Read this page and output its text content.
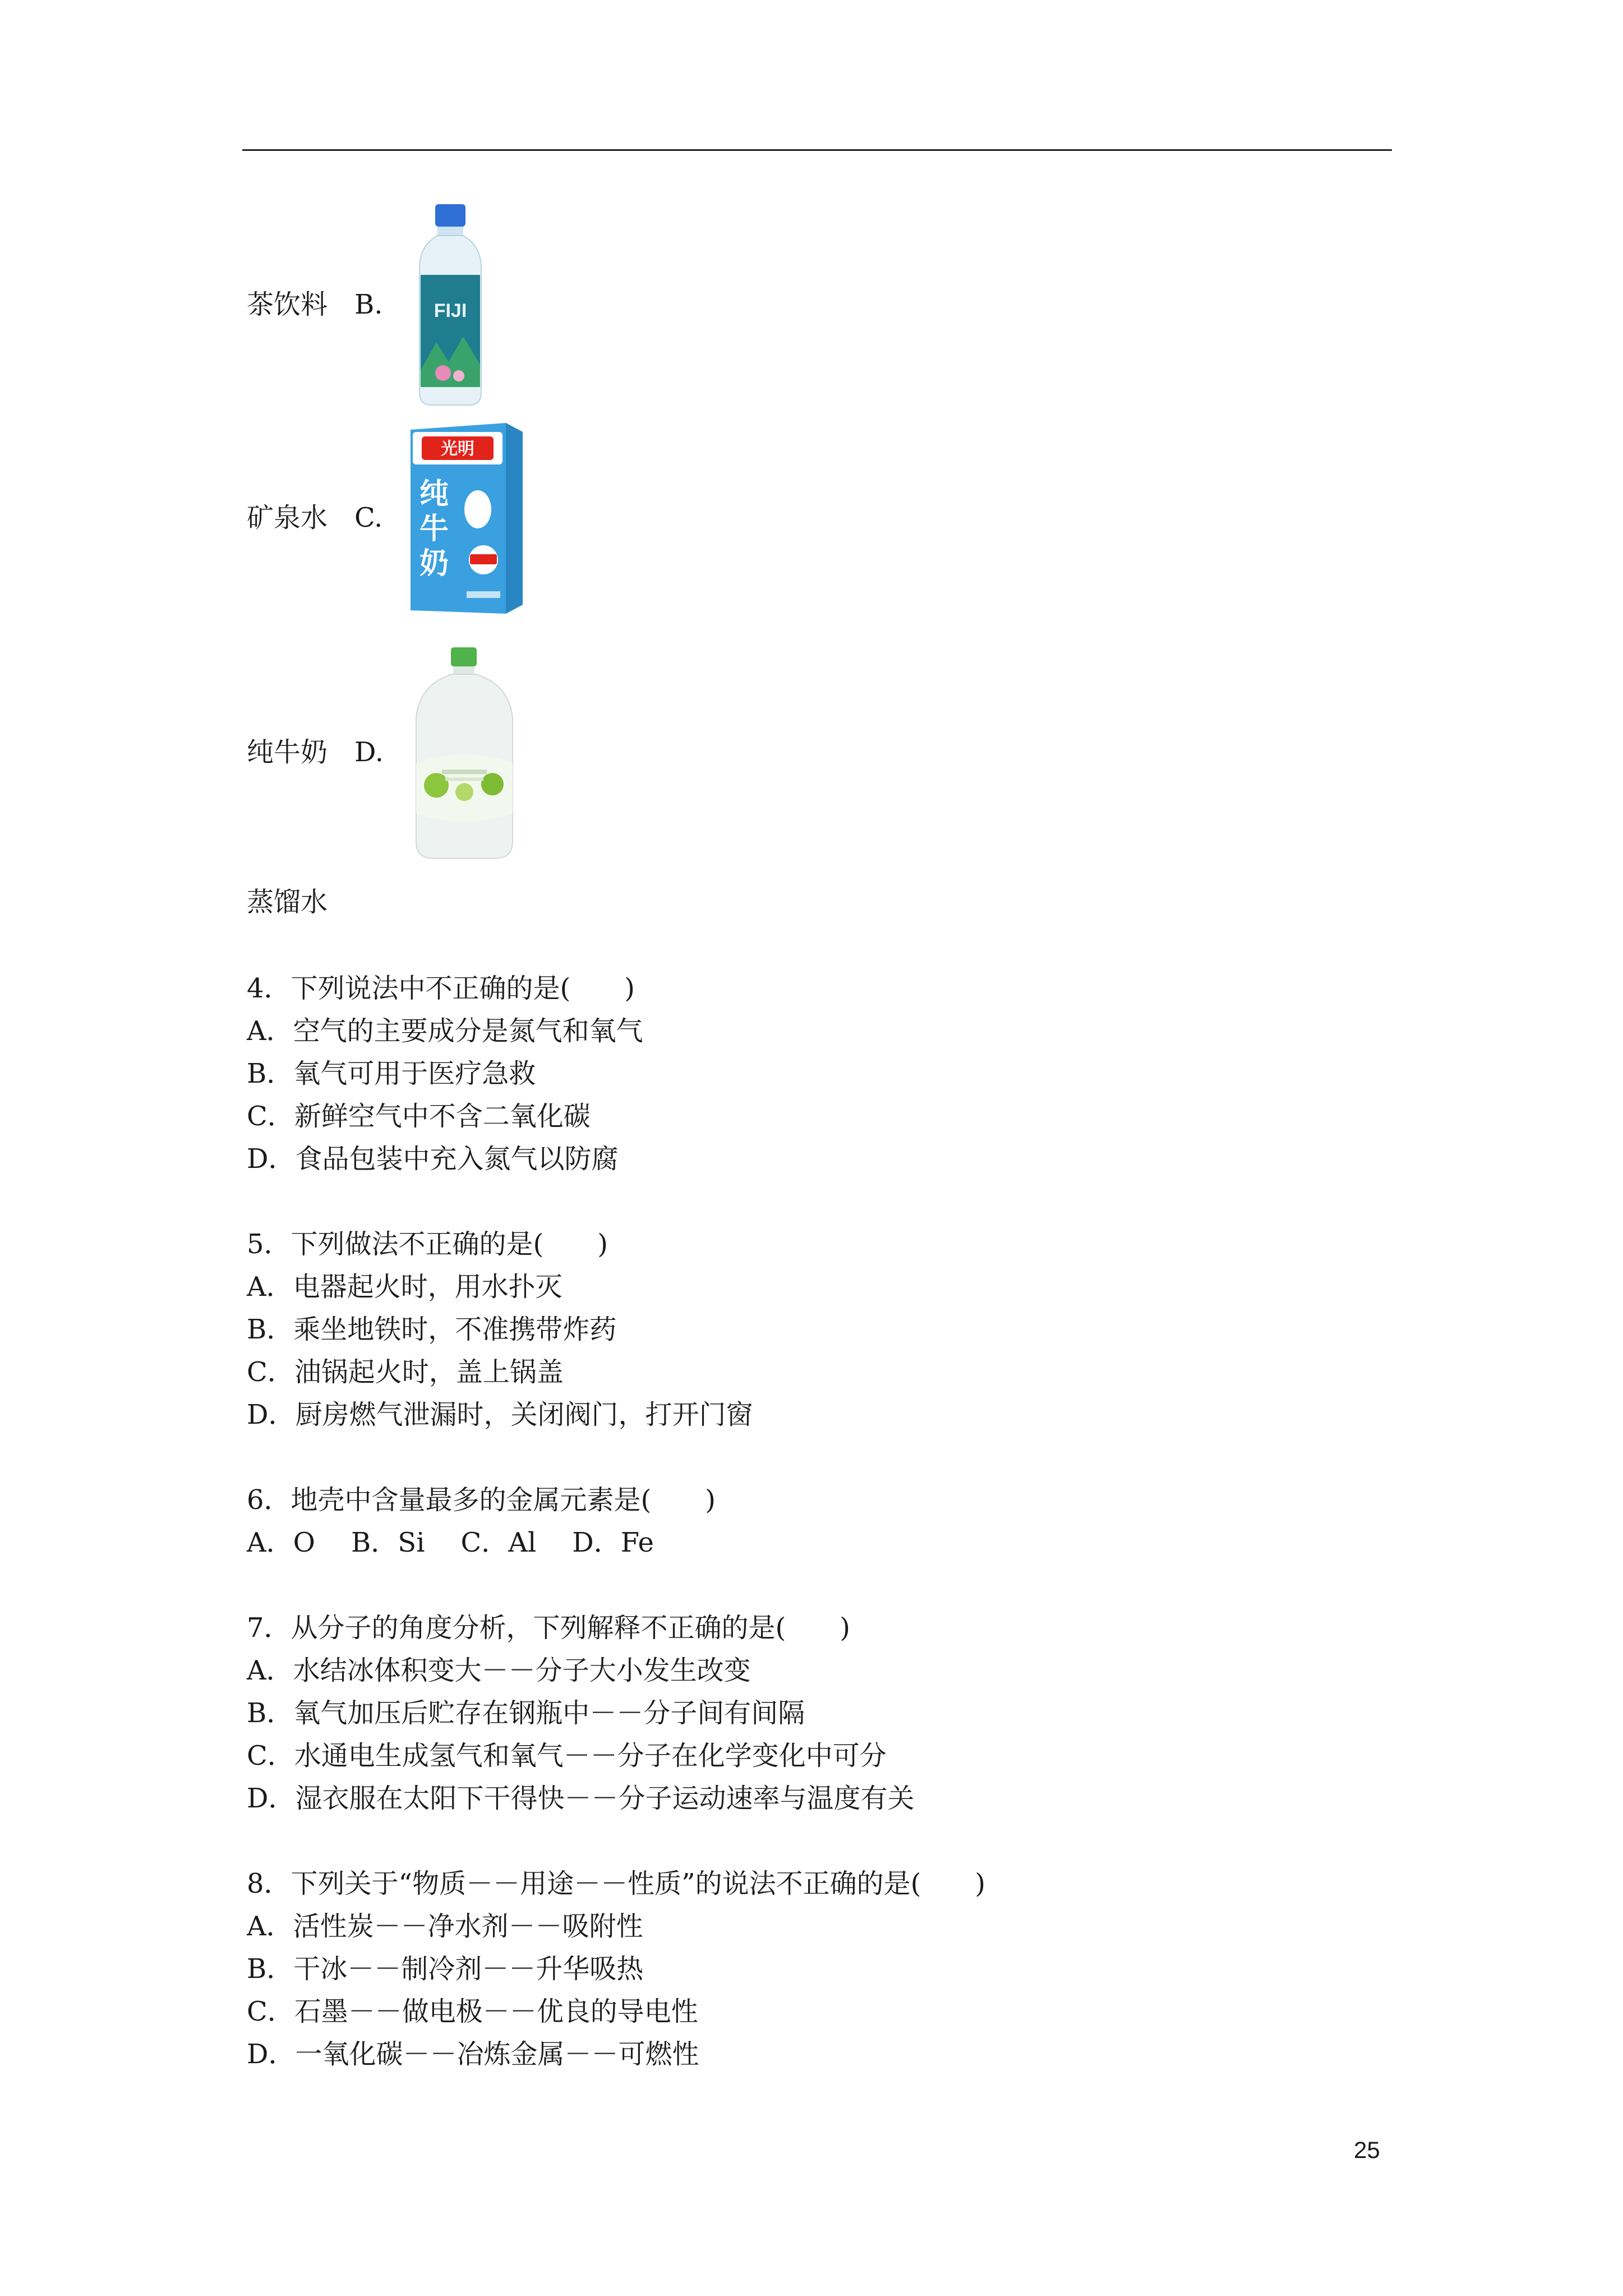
茶饮料　 B.
矿泉水　 C.
纯牛奶　 D.
蒸馏水
FIJI
光明
纯
牛
奶
4．下列说法中不正确的是(　　)
A．空气的主要成分是氮气和氧气
B．氧气可用于医疗急救
C．新鲜空气中不含二氧化碳
D．食品包装中充入氮气以防腐
5．下列做法不正确的是(　　)
A．电器起火时，用水扑灭
B．乘坐地铁时，不准携带炸药
C．油锅起火时，盖上锅盖
D．厨房燃气泄漏时，关闭阀门，打开门窗
6．地壳中含量最多的金属元素是(　　)
A．O B．Si C．Al D．Fe
7．从分子的角度分析，下列解释不正确的是(　　)
A．水结冰体积变大－－分子大小发生改变
B．氧气加压后贮存在钢瓶中－－分子间有间隔
C．水通电生成氢气和氧气－－分子在化学变化中可分
D．湿衣服在太阳下干得快－－分子运动速率与温度有关
8．下列关于“物质－－用途－－性质”的说法不正确的是(　　)
A．活性炭－－净水剂－－吸附性
B．干冰－－制冷剂－－升华吸热
C．石墨－－做电极－－优良的导电性
D．一氧化碳－－冶炼金属－－可燃性
25
